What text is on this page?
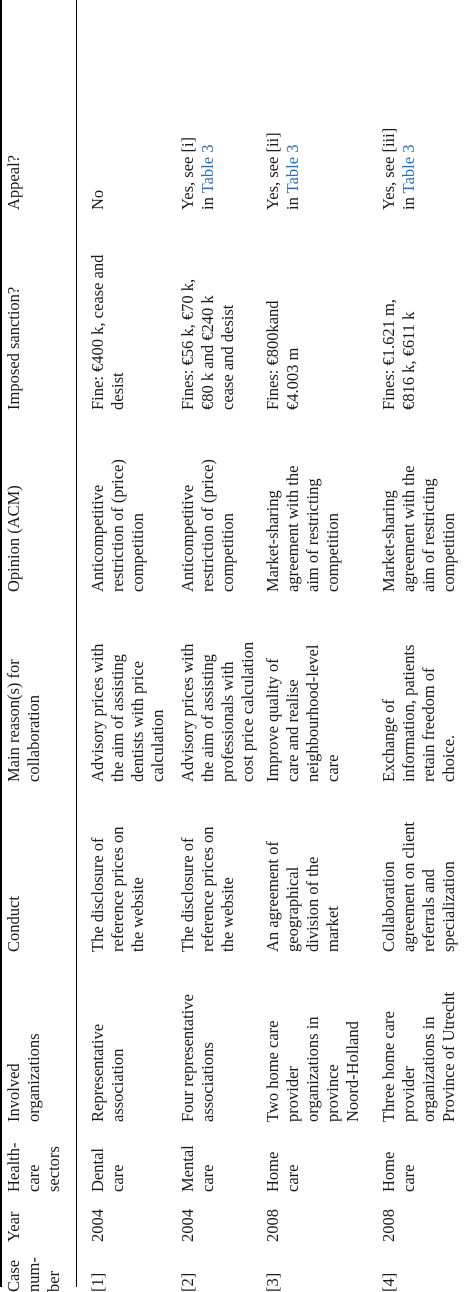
Case
num-
ber
Year
Health-
care
sectors
Involved
organizations
Conduct
Main reason(s) for
collaboration
Opinion (ACM)
Imposed sanction?
Appeal?
[1]
2004
Dental
care
Representative
association
The disclosure of
reference prices on
the website
Advisory prices with
the aim of assisting
dentists with price
calculation
Anticompetitive
restriction of (price)
competition
Fine: €400 k, cease and
desist
No
[2]
2004
Mental
care
Four representative
associations
The disclosure of
reference prices on
the website
Advisory prices with
the aim of assisting
professionals with
cost price calculation
Anticompetitive
restriction of (price)
competition
Fines: €56 k, €70 k,
€80 k and €240 k
cease and desist
Yes, see [i]
in Table 3
[3]
2008
Home
care
Two home care
provider
organizations in
province
Noord-Holland
An agreement of
geographical
division of the
market
Improve quality of
care and realise
neighbourhood-level
care
Market-sharing
agreement with the
aim of restricting
competition
Fines: €800kand
€4.003 m
Yes, see [ii]
in Table 3
[4]
2008
Home
care
Three home care
provider
organizations in
Province of Utrecht
Collaboration
agreement on client
referrals and
specialization
Exchange of
information, patients
retain freedom of
choice.
Market-sharing
agreement with the
aim of restricting
competition
Fines: €1.621 m,
€816 k, €611 k
Yes, see [iii]
in Table 3
